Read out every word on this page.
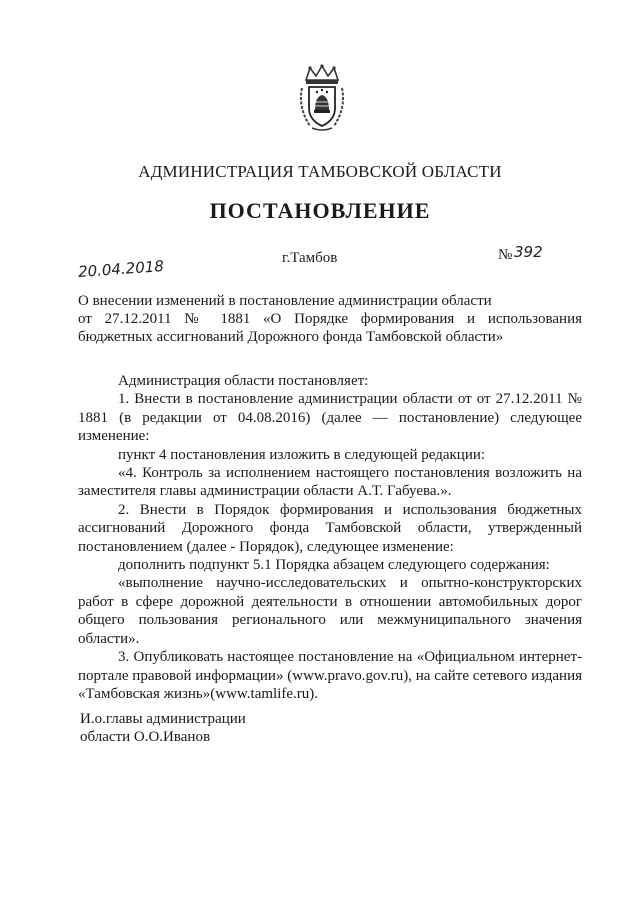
АДМИНИСТРАЦИЯ ТАМБОВСКОЙ ОБЛАСТИ
ПОСТАНОВЛЕНИЕ
20.04.2018	г.Тамбов	№ 392
О внесении изменений в постановление администрации области
от 27.12.2011 № 1881 «О Порядке формирования и использования
бюджетных ассигнований Дорожного фонда Тамбовской области»

Администрация области постановляет:

1. Внести в постановление администрации области от от 27.12.2011 № 1881 (в редакции от 04.08.2016) (далее — постановление) следующее изменение:

пункт 4 постановления изложить в следующей редакции:

«4. Контроль за исполнением настоящего постановления возложить на заместителя главы администрации области А.Т. Габуева.».

2. Внести в Порядок формирования и использования бюджетных ассигнований Дорожного фонда Тамбовской области, утвержденный постановлением (далее - Порядок), следующее изменение:

дополнить подпункт 5.1 Порядка абзацем следующего содержания:

«выполнение научно-исследовательских и опытно-конструкторских работ в сфере дорожной деятельности в отношении автомобильных дорог общего пользования регионального или межмуниципального значения области».

3. Опубликовать настоящее постановление на «Официальном интернет-портале правовой информации» (www.pravo.gov.ru), на сайте сетевого издания «Тамбовская жизнь»(www.tamlife.ru).

И.о.главы администрации
области О.О.Иванов
